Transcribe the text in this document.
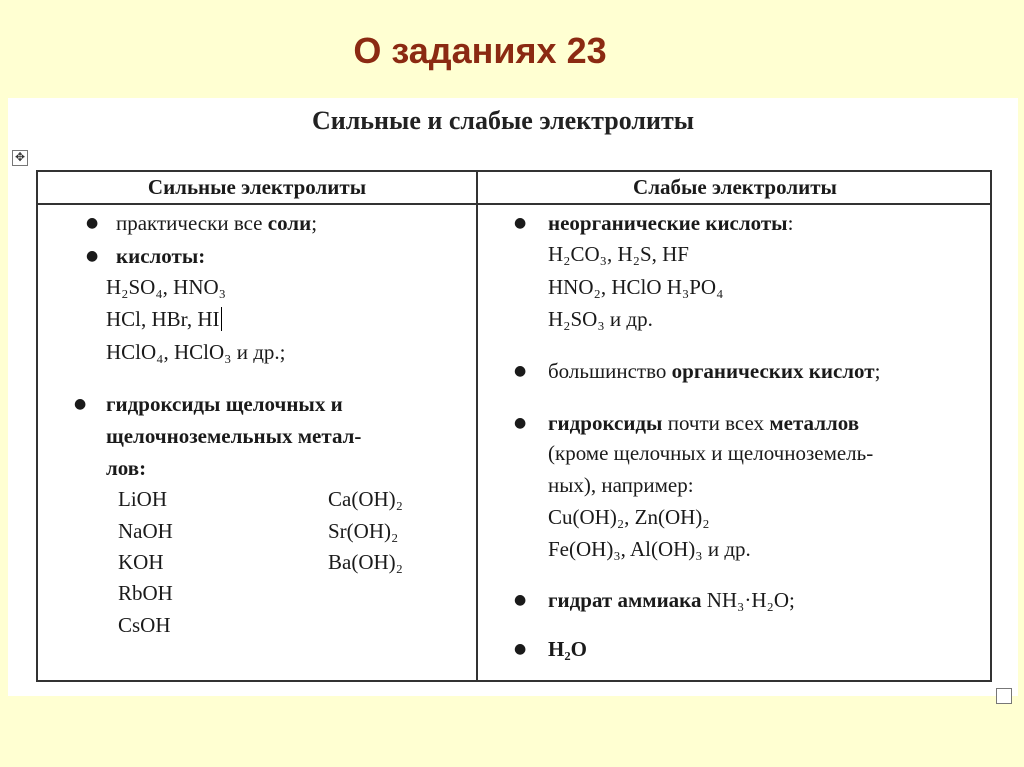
О заданиях 23
Сильные и слабые электролиты
✥
Сильные электролиты	Слабые электролиты
● практически все соли;
● кислоты:
H₂SO₄, HNO₃
HCl, HBr, HI
HClO₄, HClO₃ и др.;
● гидроксиды щелочных и
щелочноземельных метал-
лов:
LiOH
NaOH
KOH
RbOH
CsOH
Ca(OH)₂
Sr(OH)₂
Ba(OH)₂
● неорганические кислоты:
H₂CO₃, H₂S, HF
HNO₂, HClO H₃PO₄
H₂SO₃ и др.
● большинство органических кислот;
● гидроксиды почти всех металлов
(кроме щелочных и щелочноземель-
ных), например:
Cu(OH)₂, Zn(OH)₂
Fe(OH)₃, Al(OH)₃ и др.
● гидрат аммиака NH₃·H₂O;
● H₂O
